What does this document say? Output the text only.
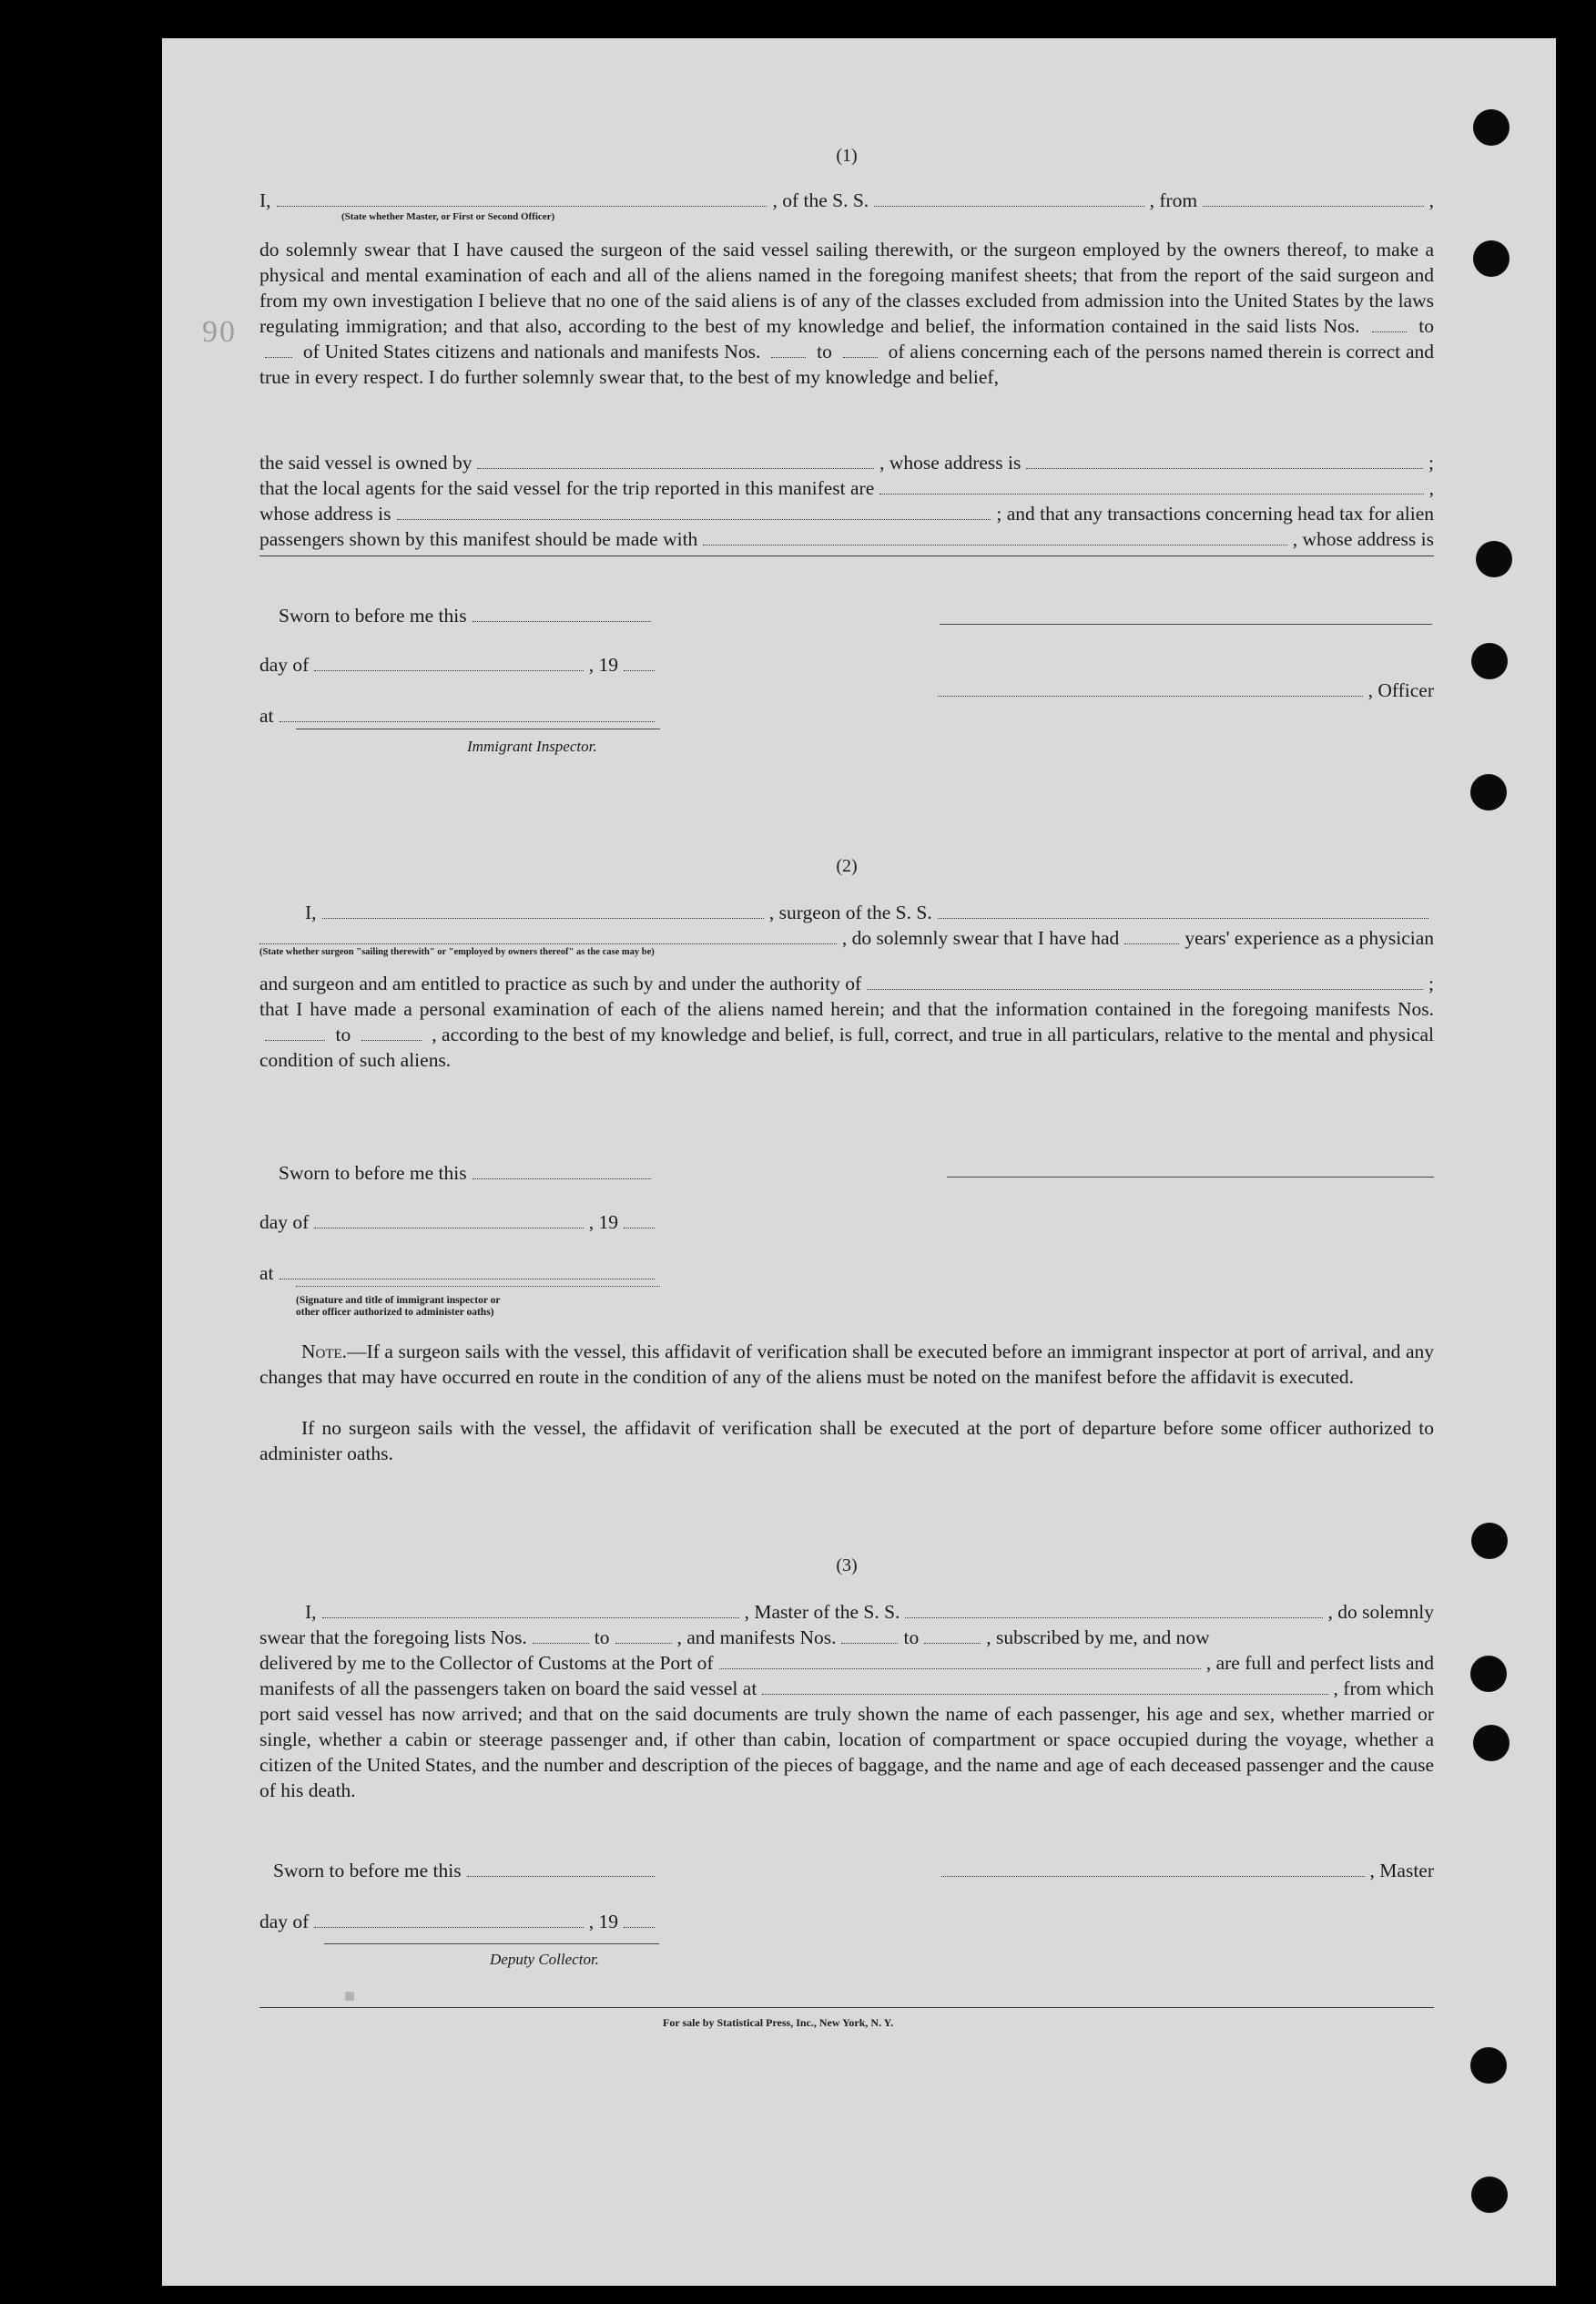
90
■
(1)
I,	, of the S. S.	, from	,
(State whether Master, or First or Second Officer)
do solemnly swear that I have caused the surgeon of the said vessel sailing therewith, or the surgeon employed by the owners thereof, to make a physical and mental examination of each and all of the aliens named in the foregoing manifest sheets; that from the report of the said surgeon and from my own investigation I believe that no one of the said aliens is of any of the classes excluded from admission into the United States by the laws regulating immigration; and that also, according to the best of my knowledge and belief, the information contained in the said lists Nos.	to  of United States citizens and nationals and manifests Nos.	to	of aliens concerning each of the persons named therein is correct and true in every respect. I do further solemnly swear that, to the best of my knowledge and belief,
the said vessel is owned by	, whose address is	;
that the local agents for the said vessel for the trip reported in this manifest are	,
whose address is	; and that any transactions concerning head tax for alien
passengers shown by this manifest should be made with	, whose address is
Sworn to before me this
day of	, 19
, Officer
at
Immigrant Inspector.
(2)
I,	, surgeon of the S. S.
, do solemnly swear that I have had	years' experience as a physician
(State whether surgeon "sailing therewith" or "employed by owners thereof" as the case may be)
and surgeon and am entitled to practice as such by and under the authority of	;
that I have made a personal examination of each of the aliens named herein; and that the information contained in the foregoing manifests Nos.  to	, according to the best of my knowledge and belief, is full, correct, and true in all particulars, relative to the mental and physical condition of such aliens.
Sworn to before me this
day of	, 19
at
(Signature and title of immigrant inspector or
other officer authorized to administer oaths)
Note.—If a surgeon sails with the vessel, this affidavit of verification shall be executed before an immigrant inspector at port of arrival, and any changes that may have occurred en route in the condition of any of the aliens must be noted on the manifest before the affidavit is executed.
If no surgeon sails with the vessel, the affidavit of verification shall be executed at the port of departure before some officer authorized to administer oaths.
(3)
I,	, Master of the S. S.	, do solemnly
swear that the foregoing lists Nos.	to	, and manifests Nos.	to	, subscribed by me, and now
delivered by me to the Collector of Customs at the Port of	, are full and perfect lists and
manifests of all the passengers taken on board the said vessel at	, from which
port said vessel has now arrived; and that on the said documents are truly shown the name of each passenger, his age and sex, whether married or single, whether a cabin or steerage passenger and, if other than cabin, location of compartment or space occupied during the voyage, whether a citizen of the United States, and the number and description of the pieces of baggage, and the name and age of each deceased passenger and the cause of his death.
Sworn to before me this	, Master
day of	, 19
Deputy Collector.
For sale by Statistical Press, Inc., New York, N. Y.
